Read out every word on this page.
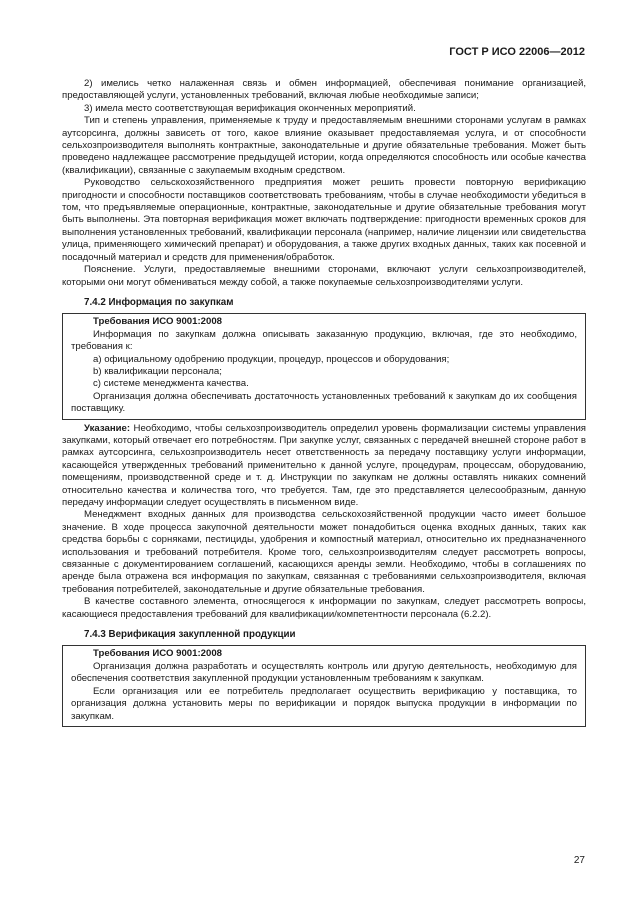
ГОСТ Р ИСО 22006—2012

2) имелись четко налаженная связь и обмен информацией, обеспечивая понимание организацией, предоставляющей услуги, установленных требований, включая любые необходимые записи;

3) имела место соответствующая верификация оконченных мероприятий.

Тип и степень управления, применяемые к труду и предоставляемым внешними сторонами услугам в рамках аутсорсинга, должны зависеть от того, какое влияние оказывает предоставляемая услуга, и от способности сельхозпроизводителя выполнять контрактные, законодательные и другие обязательные требования. Может быть проведено надлежащее рассмотрение предыдущей истории, когда определяются способность или особые качества (квалификации), связанные с закупаемым входным средством.

Руководство сельскохозяйственного предприятия может решить провести повторную верификацию пригодности и способности поставщиков соответствовать требованиям, чтобы в случае необходимости убедиться в том, что предъявляемые операционные, контрактные, законодательные и другие обязательные требования могут быть выполнены. Эта повторная верификация может включать подтверждение: пригодности временных сроков для выполнения установленных требований, квалификации персонала (например, наличие лицензии или свидетельства улица, применяющего химический препарат) и оборудования, а также других входных данных, таких как посевной и посадочный материал и средств для применения/обработок.

Пояснение. Услуги, предоставляемые внешними сторонами, включают услуги сельхозпроизводителей, которыми они могут обмениваться между собой, а также покупаемые сельхозпроизводителями услуги.

7.4.2 Информация по закупкам

Требования ИСО 9001:2008

Информация по закупкам должна описывать заказанную продукцию, включая, где это необходимо, требования к:

a) официальному одобрению продукции, процедур, процессов и оборудования;

b) квалификации персонала;

c) системе менеджмента качества.

Организация должна обеспечивать достаточность установленных требований к закупкам до их сообщения поставщику.

Указание: Необходимо, чтобы сельхозпроизводитель определил уровень формализации системы управления закупками, который отвечает его потребностям. При закупке услуг, связанных с передачей внешней стороне работ в рамках аутсорсинга, сельхозпроизводитель несет ответственность за передачу поставщику услуги информации, касающейся утвержденных требований применительно к данной услуге, процедурам, процессам, оборудованию, помещениям, производственной среде и т. д. Инструкции по закупкам не должны оставлять никаких сомнений относительно качества и количества того, что требуется. Там, где это представляется целесообразным, данную передачу информации следует осуществлять в письменном виде.

Менеджмент входных данных для производства сельскохозяйственной продукции часто имеет большое значение. В ходе процесса закупочной деятельности может понадобиться оценка входных данных, таких как средства борьбы с сорняками, пестициды, удобрения и компостный материал, относительно их предназначенного использования и требований потребителя. Кроме того, сельхозпроизводителям следует рассмотреть вопросы, связанные с документированием соглашений, касающихся аренды земли. Необходимо, чтобы в соглашениях по аренде была отражена вся информация по закупкам, связанная с требованиями сельхозпроизводителя, включая требования потребителей, законодательные и другие обязательные требования.

В качестве составного элемента, относящегося к информации по закупкам, следует рассмотреть вопросы, касающиеся предоставления требований для квалификации/компетентности персонала (6.2.2).

7.4.3 Верификация закупленной продукции

Требования ИСО 9001:2008

Организация должна разработать и осуществлять контроль или другую деятельность, необходимую для обеспечения соответствия закупленной продукции установленным требованиям к закупкам.

Если организация или ее потребитель предполагает осуществить верификацию у поставщика, то организация должна установить меры по верификации и порядок выпуска продукции в информации по закупкам.

27
